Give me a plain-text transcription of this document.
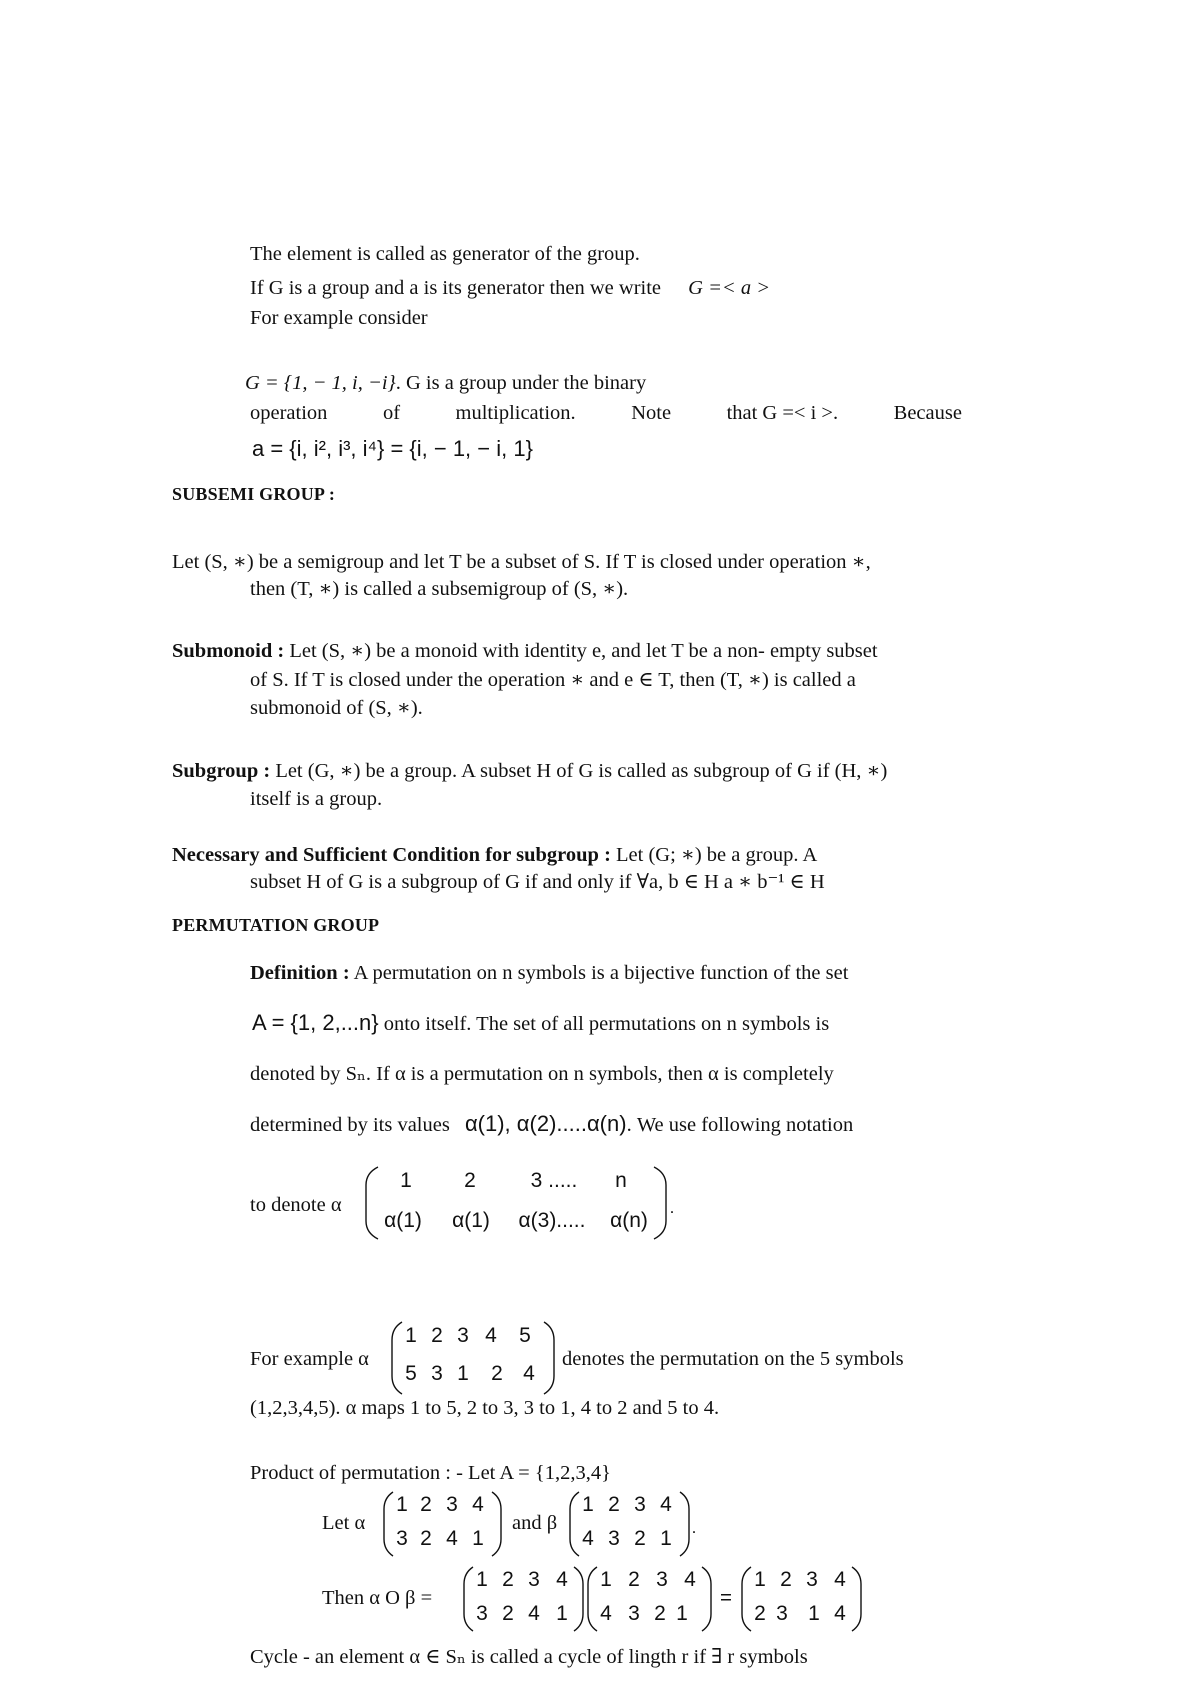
The element is called as generator of the group.
If G is a group and a is its generator then we write G =< a >
For example consider
G = {1, − 1, i, −i}. G is a group under the binary
operation	of	multiplication.	Note	that G =< i >.	Because
a = {i, i², i³, i⁴} = {i, − 1, − i, 1}
SUBSEMI GROUP :
Let (S, ∗) be a semigroup and let T be a subset of S. If T is closed under operation ∗,
then (T, ∗) is called a subsemigroup of (S, ∗).
Submonoid : Let (S, ∗) be a monoid with identity e, and let T be a non- empty subset
of S. If T is closed under the operation ∗ and e ∈ T, then (T, ∗) is called a
submonoid of (S, ∗).
Subgroup : Let (G, ∗) be a group. A subset H of G is called as subgroup of G if (H, ∗)
itself is a group.
Necessary and Sufficient Condition for subgroup : Let (G; ∗) be a group. A
subset H of G is a subgroup of G if and only if ∀a, b ∈ H a ∗ b⁻¹ ∈ H
PERMUTATION GROUP
Definition : A permutation on n symbols is a bijective function of the set
A = {1, 2,...n} onto itself. The set of all permutations on n symbols is
denoted by Sₙ. If α is a permutation on n symbols, then α is completely
determined by its values α(1), α(2).....α(n). We use following notation
to denote α	.
1	2	3 .....	n
α(1)	α(1)	α(3).....	α(n)
For example α
1 2 3 4	5
5 3 1	2 4
denotes the permutation on the 5 symbols
(1,2,3,4,5). α maps 1 to 5, 2 to 3, 3 to 1, 4 to 2 and 5 to 4.
Product of permutation : - Let A = {1,2,3,4}
Let α
1 2 3 4
3 2 4 1
and β	.
1 2 3 4
4 3 2 1
Then α O β =
1 2 3 4
3 2 4 1
1 2 3 4
4 3 2 1
=
1 2 3 4
2 3 1 4
Cycle - an element α ∈ Sₙ is called a cycle of lingth r if ∃ r symbols
